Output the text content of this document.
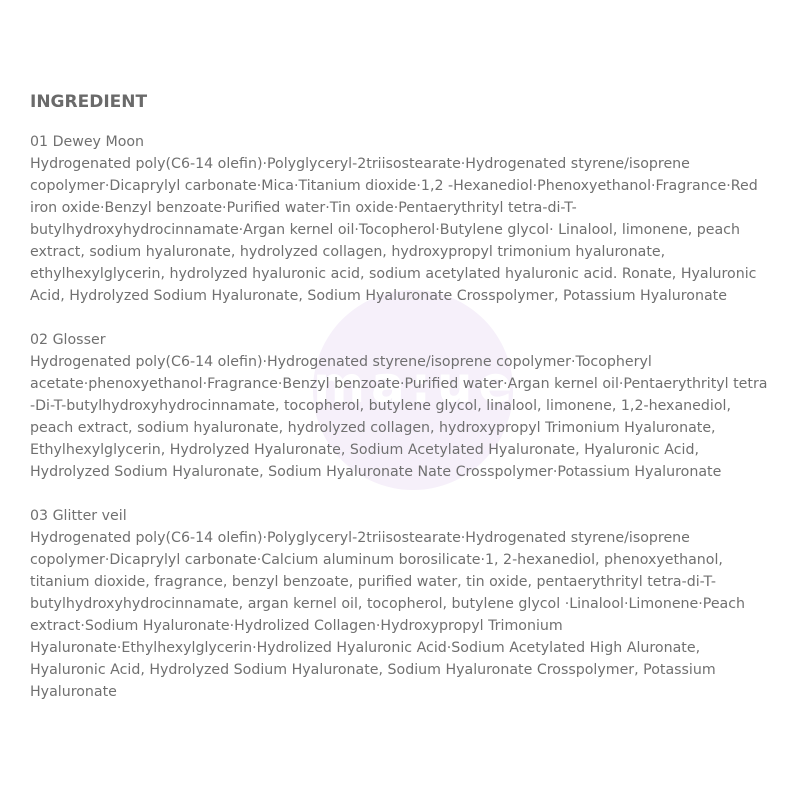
ma:ue
INGREDIENT
01 Dewey Moon
Hydrogenated poly(C6-14 olefin)·Polyglyceryl-2triisostearate·Hydrogenated styrene/isoprene copolymer·Dicaprylyl carbonate·Mica·Titanium dioxide·1,2 -Hexanediol·Phenoxyethanol·Fragrance·Red iron oxide·Benzyl benzoate·Purified water·Tin oxide·Pentaerythrityl tetra-di-T-butylhydroxyhydrocinnamate·Argan kernel oil·Tocopherol·Butylene glycol· Linalool, limonene, peach extract, sodium hyaluronate, hydrolyzed collagen, hydroxypropyl trimonium hyaluronate, ethylhexylglycerin, hydrolyzed hyaluronic acid, sodium acetylated hyaluronic acid. Ronate, Hyaluronic Acid, Hydrolyzed Sodium Hyaluronate, Sodium Hyaluronate Crosspolymer, Potassium Hyaluronate
02 Glosser
Hydrogenated poly(C6-14 olefin)·Hydrogenated styrene/isoprene copolymer·Tocopheryl acetate·phenoxyethanol·Fragrance·Benzyl benzoate·Purified water·Argan kernel oil·Pentaerythrityl tetra -Di-T-butylhydroxyhydrocinnamate, tocopherol, butylene glycol, linalool, limonene, 1,2-hexanediol, peach extract, sodium hyaluronate, hydrolyzed collagen, hydroxypropyl Trimonium Hyaluronate, Ethylhexylglycerin, Hydrolyzed Hyaluronate, Sodium Acetylated Hyaluronate, Hyaluronic Acid, Hydrolyzed Sodium Hyaluronate, Sodium Hyaluronate Nate Crosspolymer·Potassium Hyaluronate
03 Glitter veil
Hydrogenated poly(C6-14 olefin)·Polyglyceryl-2triisostearate·Hydrogenated styrene/isoprene copolymer·Dicaprylyl carbonate·Calcium aluminum borosilicate·1, 2-hexanediol, phenoxyethanol, titanium dioxide, fragrance, benzyl benzoate, purified water, tin oxide, pentaerythrityl tetra-di-T-butylhydroxyhydrocinnamate, argan kernel oil, tocopherol, butylene glycol ·Linalool·Limonene·Peach extract·Sodium Hyaluronate·Hydrolized Collagen·Hydroxypropyl Trimonium Hyaluronate·Ethylhexylglycerin·Hydrolized Hyaluronic Acid·Sodium Acetylated High Aluronate, Hyaluronic Acid, Hydrolyzed Sodium Hyaluronate, Sodium Hyaluronate Crosspolymer, Potassium Hyaluronate
